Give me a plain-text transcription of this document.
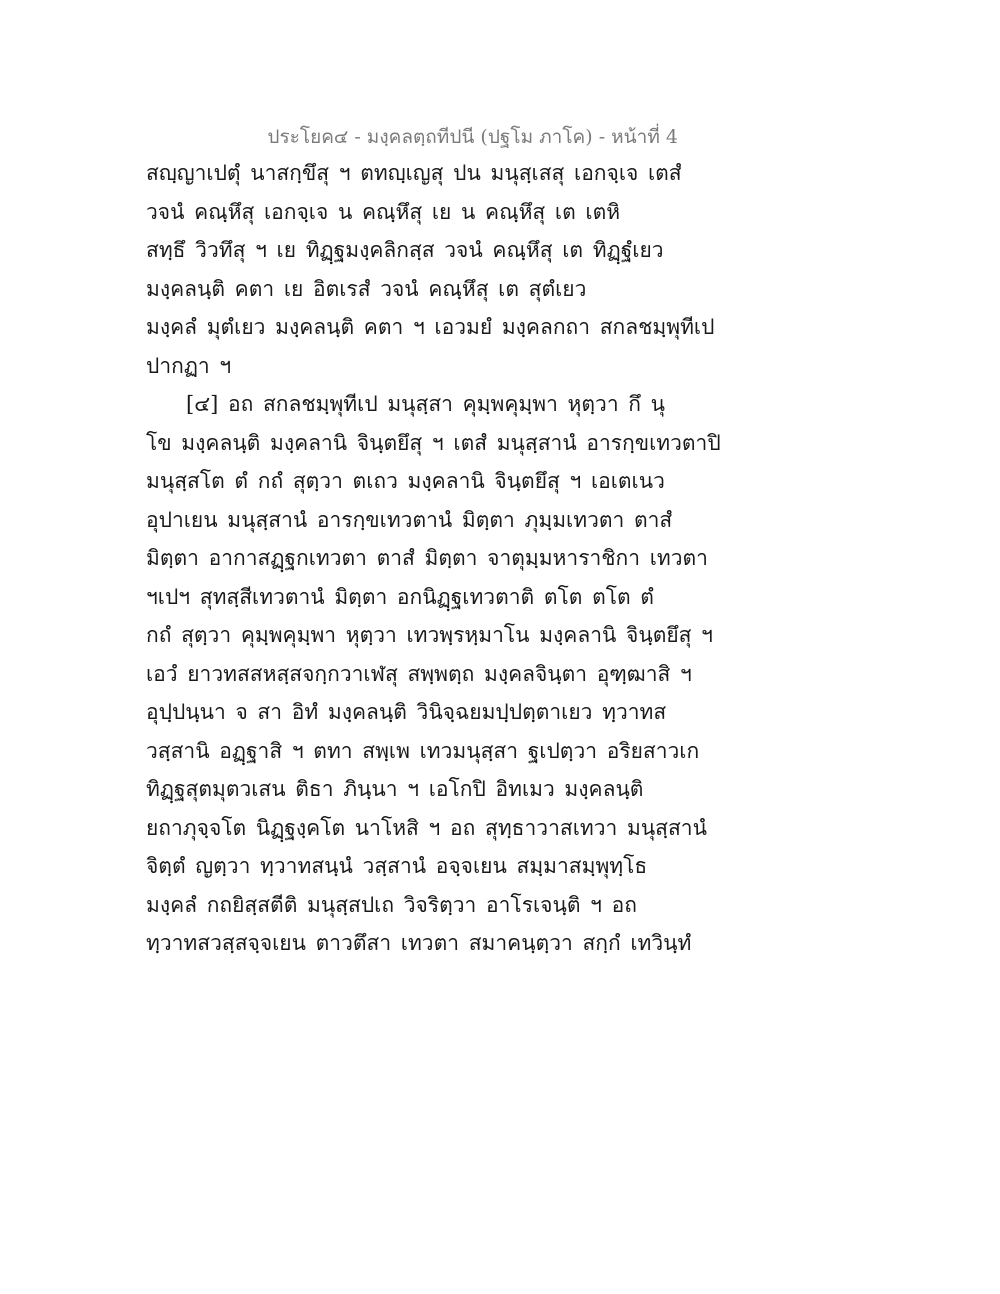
ประโยค๔ - มงฺคลตฺถทีปนี (ปฐโม ภาโค) - หน้าที่ 4
สญฺญาเปตุํ นาสกฺขึสุ ฯ ตทญฺเญสุ ปน มนุสฺเสสุ เอกจฺเจ เตสํ
วจนํ คณฺหึสุ เอกจฺเจ น คณฺหึสุ เย น คณฺหึสุ เต เตหิ
สทฺธึ วิวทึสุ ฯ เย ทิฏฺฐมงฺคลิกสฺส วจนํ คณฺหึสุ เต ทิฏฺฐํเยว
มงฺคลนฺติ คตา เย อิตเรสํ วจนํ คณฺหึสุ เต สุตํเยว
มงฺคลํ มุตํเยว มงฺคลนฺติ คตา ฯ เอวมยํ มงฺคลกถา สกลชมฺพุทีเป
ปากฏา ฯ
[๔] อถ สกลชมฺพุทีเป มนุสฺสา คุมฺพคุมฺพา หุตฺวา กึ นุ
โข มงฺคลนฺติ มงฺคลานิ จินฺตยึสุ ฯ เตสํ มนุสฺสานํ อารกฺขเทวตาปิ
มนุสฺสโต ตํ กถํ สุตฺวา ตเถว มงฺคลานิ จินฺตยึสุ ฯ เอเตเนว
อุปาเยน มนุสฺสานํ อารกฺขเทวตานํ มิตฺตา ภุมฺมเทวตา ตาสํ
มิตฺตา อากาสฏฺฐกเทวตา ตาสํ มิตฺตา จาตุมฺมหาราชิกา เทวตา
ฯเปฯ สุทสฺสีเทวตานํ มิตฺตา อกนิฏฺฐเทวตาติ ตโต ตโต ตํ
กถํ สุตฺวา คุมฺพคุมฺพา หุตฺวา เทวพฺรหฺมาโน มงฺคลานิ จินฺตยึสุ ฯ
เอวํ ยาวทสสหสฺสจกฺกวาเฬสุ สพฺพตฺถ มงฺคลจินฺตา อุฑฺฒาสิ ฯ
อุปฺปนฺนา จ สา อิทํ มงฺคลนฺติ วินิจฺฉยมปฺปตฺตาเยว ทฺวาทส
วสฺสานิ อฏฺฐาสิ ฯ ตทา สพฺเพ เทวมนุสฺสา ฐเปตฺวา อริยสาวเก
ทิฏฺฐสุตมุตวเสน ติธา ภินฺนา ฯ เอโกปิ อิทเมว มงฺคลนฺติ
ยถาภุจฺจโต นิฏฺฐงฺคโต นาโหสิ ฯ อถ สุทฺธาวาสเทวา มนุสฺสานํ
จิตฺตํ ญตฺวา ทฺวาทสนฺนํ วสฺสานํ อจฺจเยน สมฺมาสมฺพุทฺโธ
มงฺคลํ กถยิสฺสตีติ มนุสฺสปเถ วิจริตฺวา อาโรเจนฺติ ฯ อถ
ทฺวาทสวสฺสจฺจเยน ตาวตึสา เทวตา สมาคนฺตฺวา สกฺกํ เทวินฺทํ
